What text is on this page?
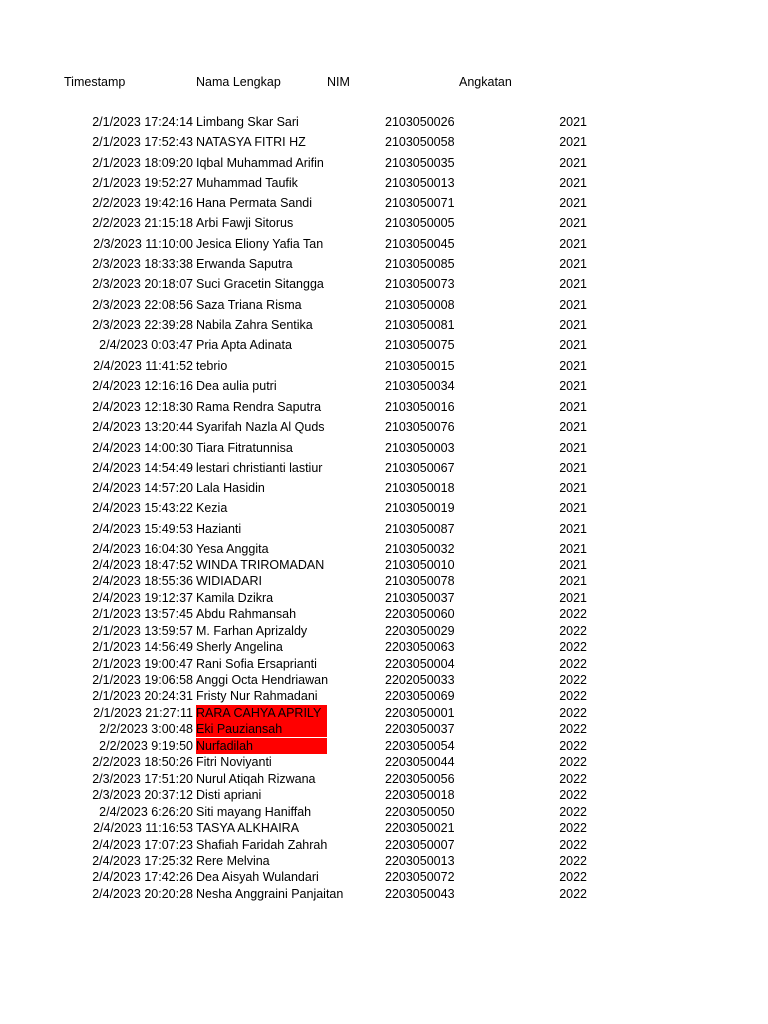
Timestamp	Nama Lengkap	NIM	Angkatan
2/1/2023 17:24:14 Limbang Skar Sari	2103050026	2021
2/1/2023 17:52:43 NATASYA FITRI HZ	2103050058	2021
2/1/2023 18:09:20 Iqbal Muhammad Arifin	2103050035	2021
2/1/2023 19:52:27 Muhammad Taufik	2103050013	2021
2/2/2023 19:42:16 Hana Permata Sandi	2103050071	2021
2/2/2023 21:15:18 Arbi Fawji Sitorus	2103050005	2021
2/3/2023 11:10:00 Jesica Eliony Yafia Tan	2103050045	2021
2/3/2023 18:33:38 Erwanda Saputra	2103050085	2021
2/3/2023 20:18:07 Suci Gracetin Sitangga	2103050073	2021
2/3/2023 22:08:56 Saza Triana Risma	2103050008	2021
2/3/2023 22:39:28 Nabila Zahra Sentika	2103050081	2021
2/4/2023 0:03:47 Pria Apta Adinata	2103050075	2021
2/4/2023 11:41:52 tebrio	2103050015	2021
2/4/2023 12:16:16 Dea aulia putri	2103050034	2021
2/4/2023 12:18:30 Rama Rendra Saputra	2103050016	2021
2/4/2023 13:20:44 Syarifah Nazla Al Quds	2103050076	2021
2/4/2023 14:00:30 Tiara Fitratunnisa	2103050003	2021
2/4/2023 14:54:49 lestari christianti lastiur	2103050067	2021
2/4/2023 14:57:20 Lala Hasidin	2103050018	2021
2/4/2023 15:43:22 Kezia	2103050019	2021
2/4/2023 15:49:53 Hazianti	2103050087	2021
2/4/2023 16:04:30 Yesa Anggita	2103050032	2021
2/4/2023 18:47:52 WINDA TRIROMADAN	2103050010	2021
2/4/2023 18:55:36 WIDIADARI	2103050078	2021
2/4/2023 19:12:37 Kamila Dzikra	2103050037	2021
2/1/2023 13:57:45 Abdu Rahmansah	2203050060	2022
2/1/2023 13:59:57 M. Farhan Aprizaldy	2203050029	2022
2/1/2023 14:56:49 Sherly Angelina	2203050063	2022
2/1/2023 19:00:47 Rani Sofia Ersaprianti	2203050004	2022
2/1/2023 19:06:58 Anggi Octa Hendriawan	2202050033	2022
2/1/2023 20:24:31 Fristy Nur Rahmadani	2203050069	2022
2/1/2023 21:27:11 RARA CAHYA APRILY	2203050001	2022
2/2/2023 3:00:48 Eki Pauziansah	2203050037	2022
2/2/2023 9:19:50 Nurfadilah	2203050054	2022
2/2/2023 18:50:26 Fitri Noviyanti	2203050044	2022
2/3/2023 17:51:20 Nurul Atiqah Rizwana	2203050056	2022
2/3/2023 20:37:12 Disti apriani	2203050018	2022
2/4/2023 6:26:20 Siti mayang Haniffah	2203050050	2022
2/4/2023 11:16:53 TASYA ALKHAIRA	2203050021	2022
2/4/2023 17:07:23 Shafiah Faridah Zahrah	2203050007	2022
2/4/2023 17:25:32 Rere Melvina	2203050013	2022
2/4/2023 17:42:26 Dea Aisyah Wulandari	2203050072	2022
2/4/2023 20:20:28 Nesha Anggraini Panjaitan	2203050043	2022
